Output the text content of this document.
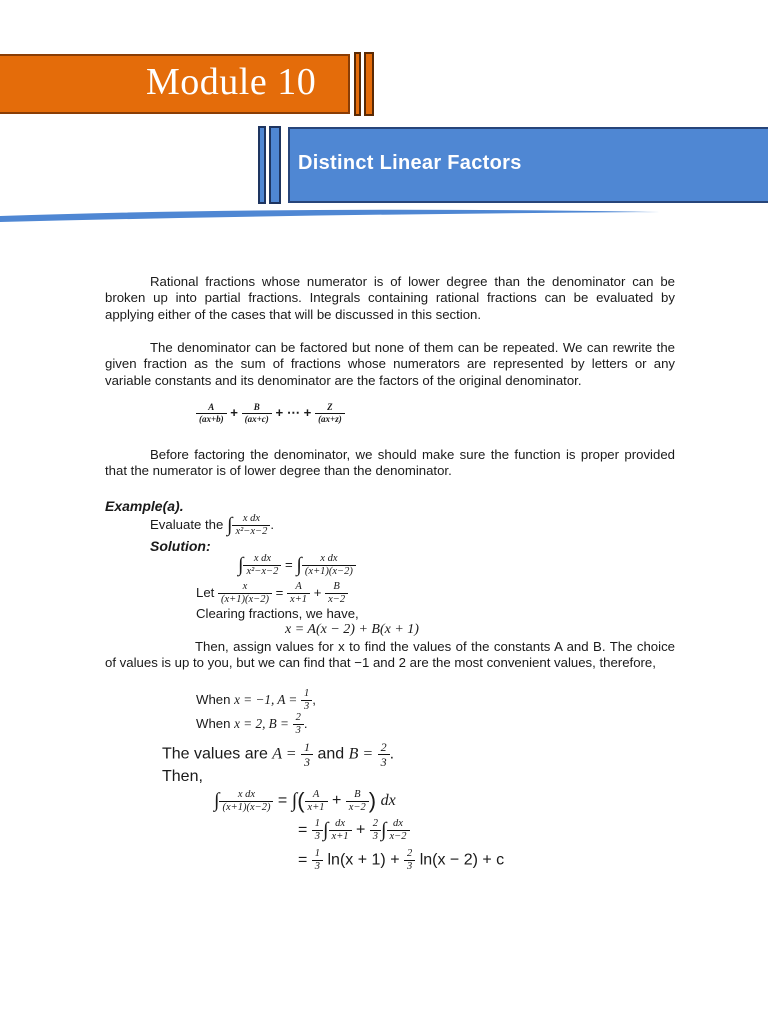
Module 10
Distinct Linear Factors

Rational fractions whose numerator is of lower degree than the denominator can be broken up into partial fractions. Integrals containing rational fractions can be evaluated by applying either of the cases that will be discussed in this section.

The denominator can be factored but none of them can be repeated. We can rewrite the given fraction as the sum of fractions whose numerators are represented by letters or any variable constants and its denominator are the factors of the original denominator.

$\frac{A}{(ax+b)} + \frac{B}{(ax+c)}$ + ⋯ + $\frac{Z}{(ax+z)}$

Before factoring the denominator, we should make sure the function is proper provided that the numerator is of lower degree than the denominator.

Example(a).
Evaluate the ∫ $\frac{\text{x dx}}{\text{x²−x−2}}$ .
Solution:
∫ $\frac{\text{x dx}}{\text{x²−x−2}}$ = ∫ $\frac{\text{x dx}}{(x+1)(x-2)}$
Let $\frac{x}{(x+1)(x-2)} = \frac{A}{x+1} + \frac{B}{x-2}$
Clearing fractions, we have,
x = A(x − 2) + B(x + 1)

Then, assign values for x to find the values of the constants A and B. The choice of values is up to you, but we can find that −1 and 2 are the most convenient values, therefore,

When x = −1, $A = \frac{1}{3}$ ,
When x = 2, $B = \frac{2}{3}$ .
The values are $A = \frac{1}{3}$ and $B = \frac{2}{3}$ .
Then,
∫ $\frac{\text{x dx}}{(x+1)(x-2)}$ = ∫( $\frac{A}{x+1} + \frac{B}{x-2}$ ) dx
= $\frac{1}{3}$ ∫ $\frac{dx}{x+1} + \frac{2}{3}$ ∫ $\frac{dx}{x-2}$
= $\frac{1}{3} \ln(x + 1) + \frac{2}{3} \ln(x - 2) + c$
